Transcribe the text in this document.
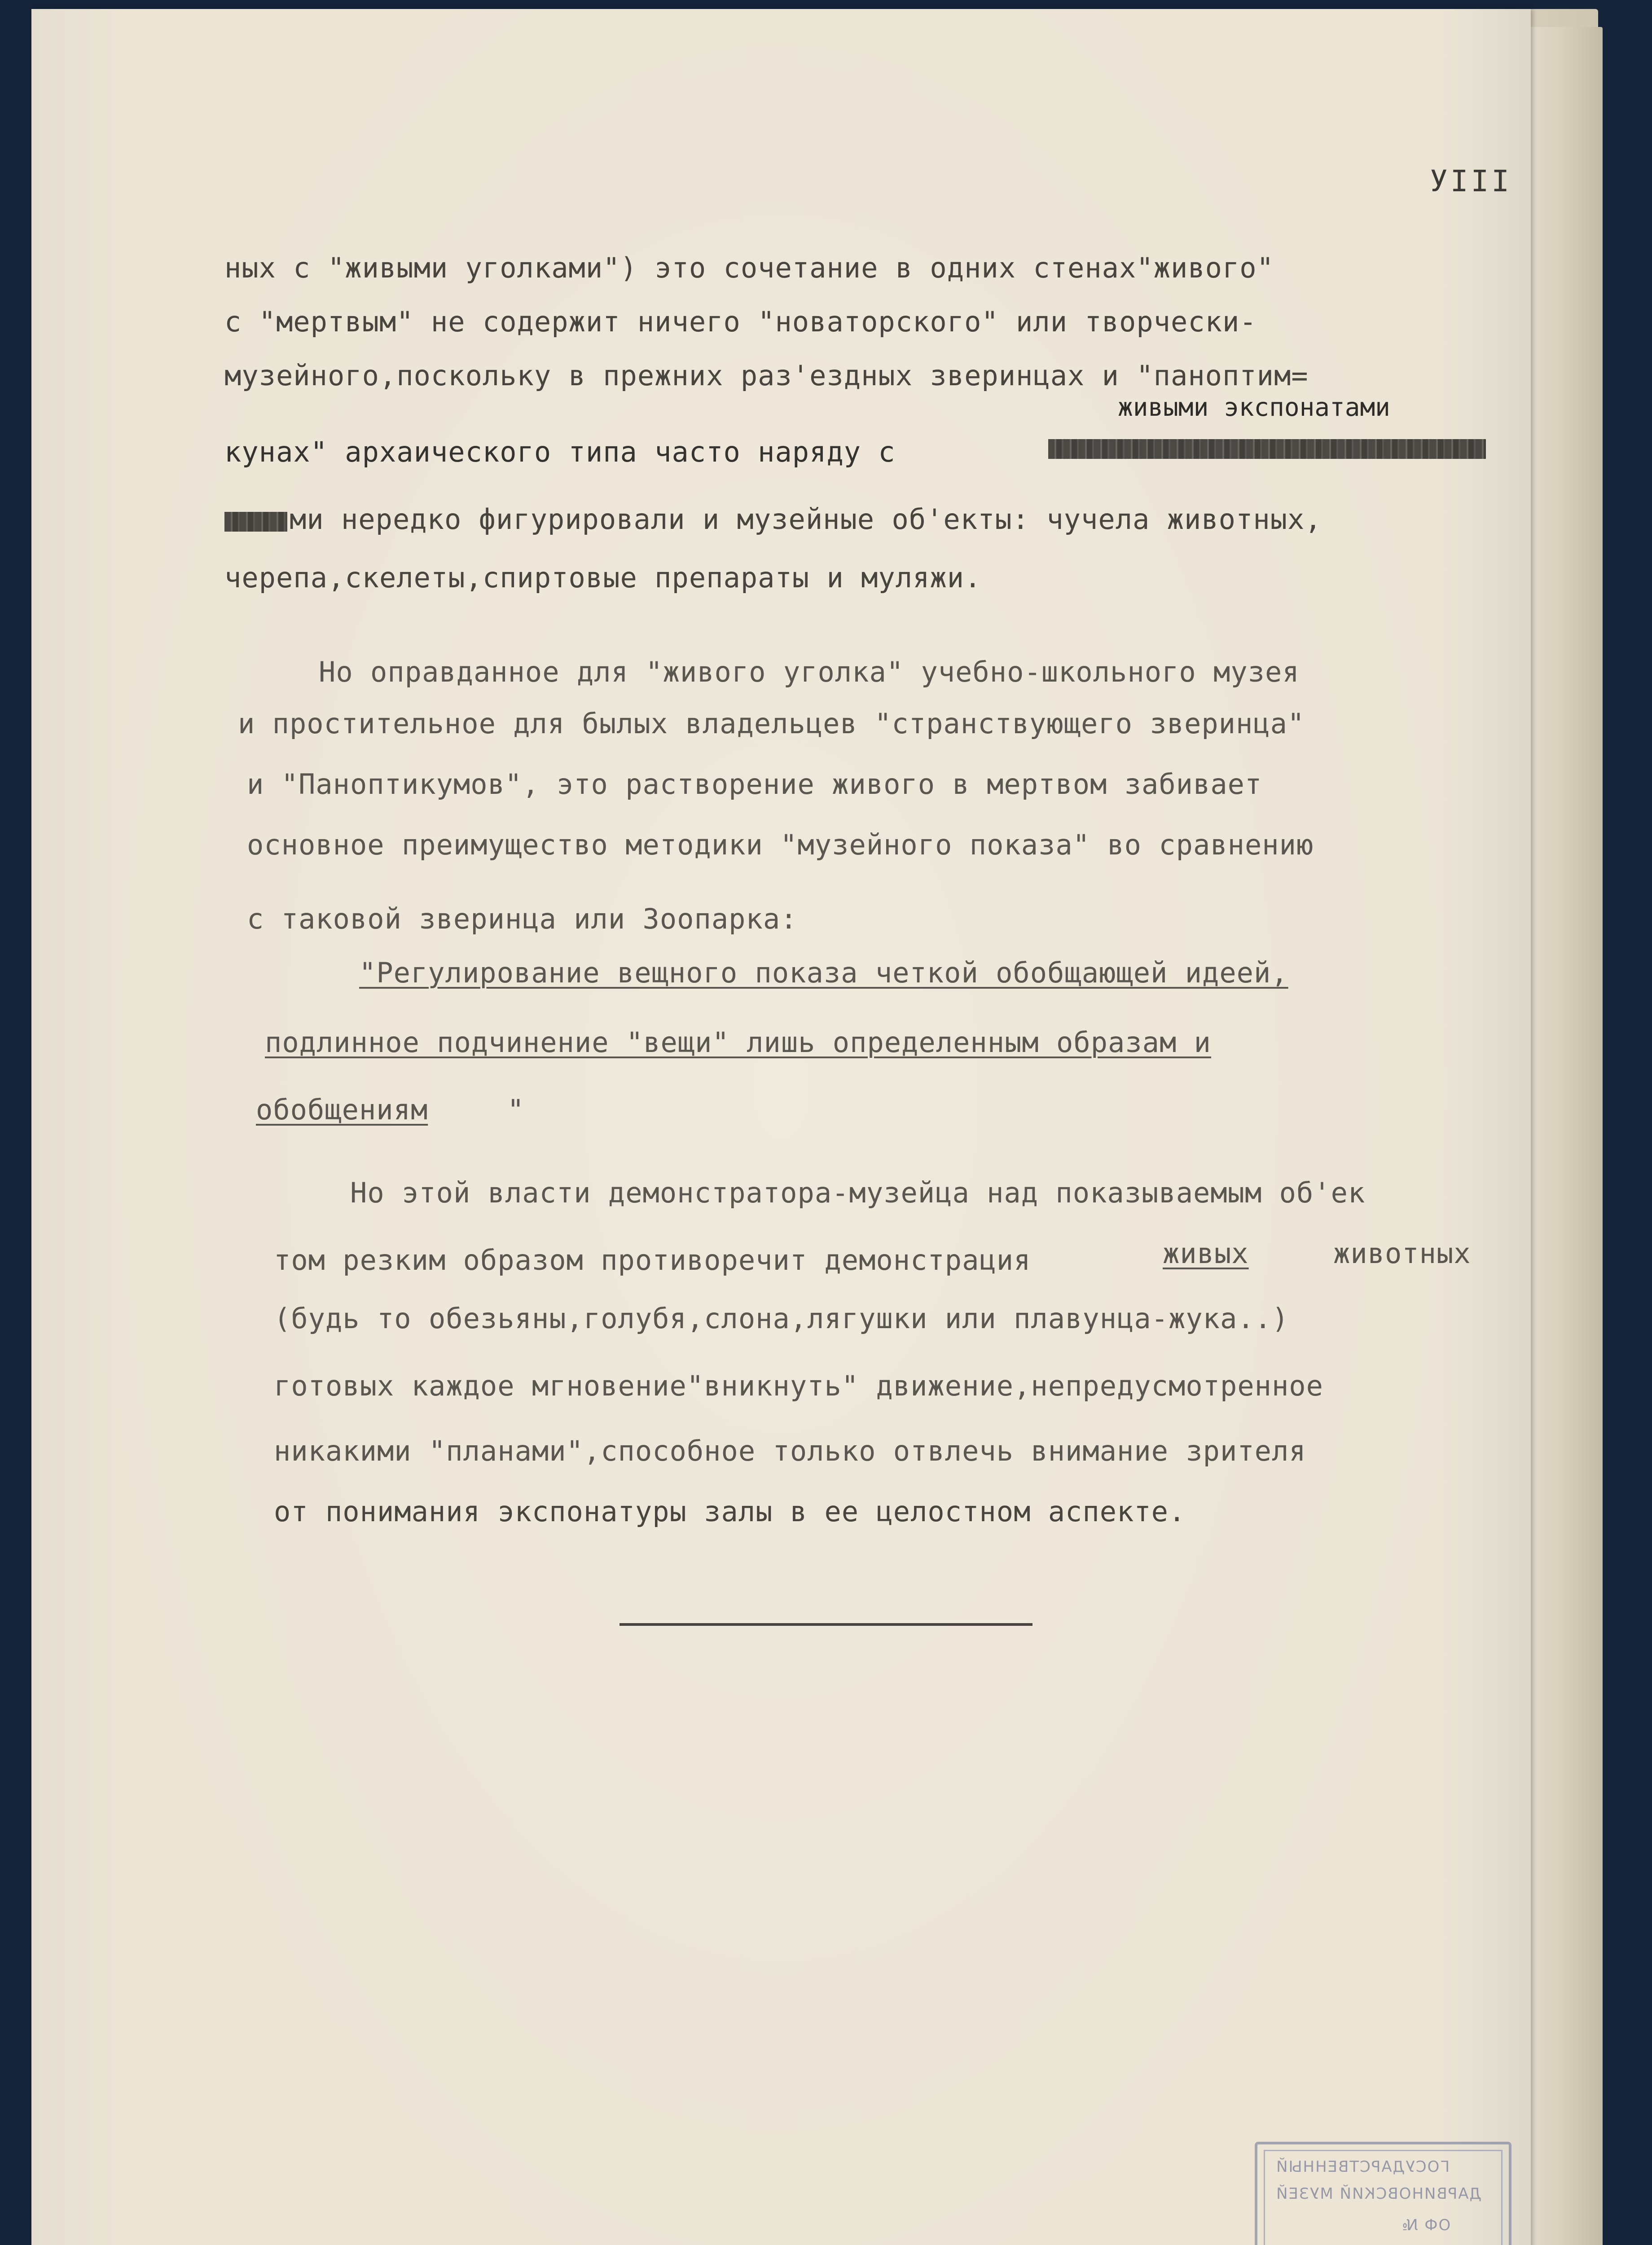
УIII
ных с "живыми уголками") это сочетание в одних стенах"живого"
с "мертвым" не содержит ничего "новаторского" или творчески-
музейного,поскольку в прежних раз'ездных зверинцах и "паноптим=
живыми экспонатами
кунах" архаического типа часто наряду с
ми нередко фигурировали и музейные об'екты: чучела животных,
черепа,скелеты,спиртовые препараты и муляжи.
Но оправданное для "живого уголка" учебно-школьного музея
и простительное для былых владельцев "странствующего зверинца"
и "Паноптикумов", это растворение живого в мертвом забивает
основное преимущество методики "музейного показа" во сравнению
с таковой зверинца или Зоопарка:
"Регулирование вещного показа четкой обобщающей идеей,
подлинное подчинение "вещи" лишь определенным образам и
обобщениям	"
Но этой власти демонстратора-музейца над показываемым об'ек
том резким образом противоречит демонстрация	живых	животных
(будь то обезьяны,голубя,слона,лягушки или плавунца-жука..)
готовых каждое мгновение"вникнуть" движение,непредусмотренное
никакими "планами",способное только отвлечь внимание зрителя
от понимания экспонатуры залы в ее целостном аспекте.
ГОСУДАРСТВЕННЫЙ
ДАРВИНОВСКИЙ МУЗЕЙ
ОФ №
